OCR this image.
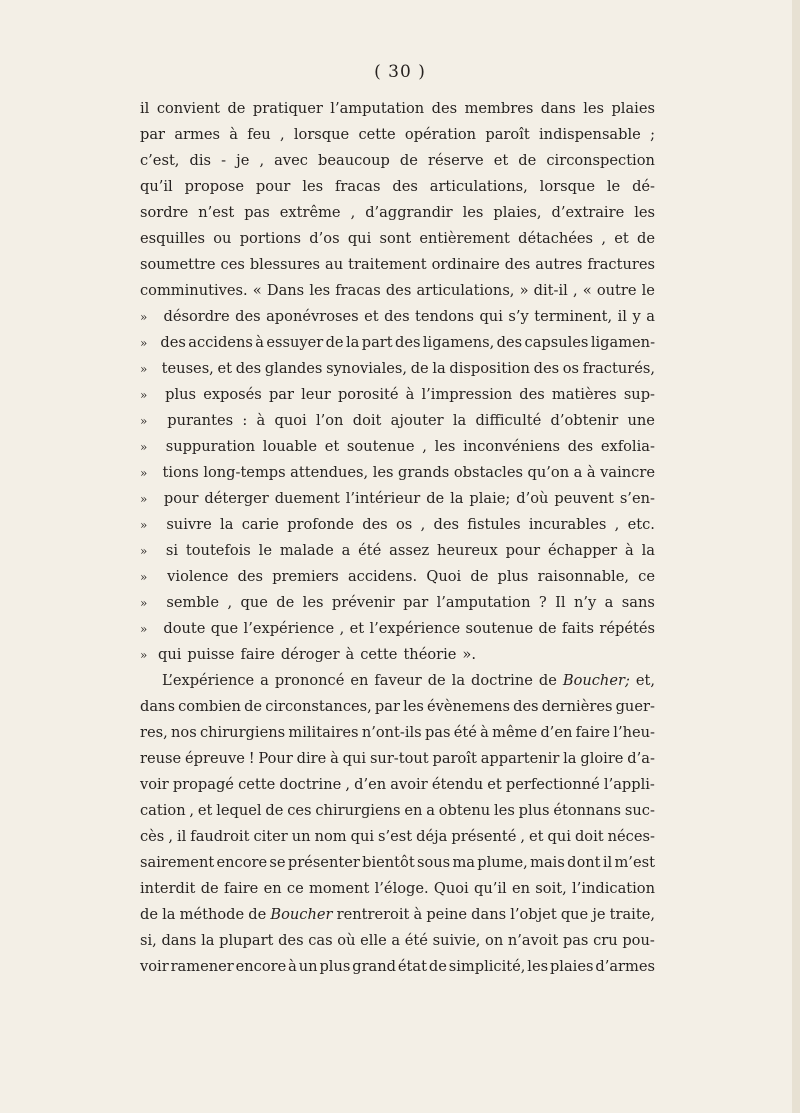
( 30 )
il convient de pratiquer l’amputation des membres dans les plaies
par armes à feu , lorsque cette opération paroît indispensable ;
c’est, dis - je , avec beaucoup de réserve et de circonspection
qu’il propose pour les fracas des articulations, lorsque le dé-
sordre n’est pas extrême , d’aggrandir les plaies, d’extraire les
esquilles ou portions d’os qui sont entièrement détachées , et de
soumettre ces blessures au traitement ordinaire des autres fractures
comminutives. « Dans les fracas des articulations, » dit-il , « outre le
»	désordre des aponévroses et des tendons qui s’y terminent, il y a
» des accidens à essuyer de la part des ligamens, des capsules ligamen-
» teuses, et des glandes synoviales, de la disposition des os fracturés,
»	plus exposés par leur porosité à l’impression des matières sup-
»	purantes : à quoi l’on doit ajouter la difficulté d’obtenir une
»	suppuration louable et soutenue , les inconvéniens des exfolia-
»	tions long-temps attendues, les grands obstacles qu’on a à vaincre
»	pour déterger duement l’intérieur de la plaie; d’où peuvent s’en-
»	suivre la carie profonde des os , des fistules incurables , etc.
»	si toutefois le malade a été assez heureux pour échapper à la
»	violence des premiers accidens. Quoi de plus raisonnable, ce
»	semble , que de les prévenir par l’amputation ? Il n’y a sans
»	doute que l’expérience , et l’expérience soutenue de faits répétés
» qui puisse faire déroger à cette théorie ».
L’expérience a prononcé en faveur de la doctrine de Boucher; et,
dans combien de circonstances, par les évènemens des dernières guer-
res, nos chirurgiens militaires n’ont-ils pas été à même d’en faire l’heu-
reuse épreuve ! Pour dire à qui sur-tout paroît appartenir la gloire d’a-
voir propagé cette doctrine , d’en avoir étendu et perfectionné l’appli-
cation , et lequel de ces chirurgiens en a obtenu les plus étonnans suc-
cès , il faudroit citer un nom qui s’est déja présenté , et qui doit néces-
sairement encore se présenter bientôt sous ma plume, mais dont il m’est
interdit de faire en ce moment l’éloge. Quoi qu’il en soit, l’indication
de la méthode de Boucher rentreroit à peine dans l’objet que je traite,
si, dans la plupart des cas où elle a été suivie, on n’avoit pas cru pou-
voir ramener encore à un plus grand état de simplicité, les plaies d’armes
